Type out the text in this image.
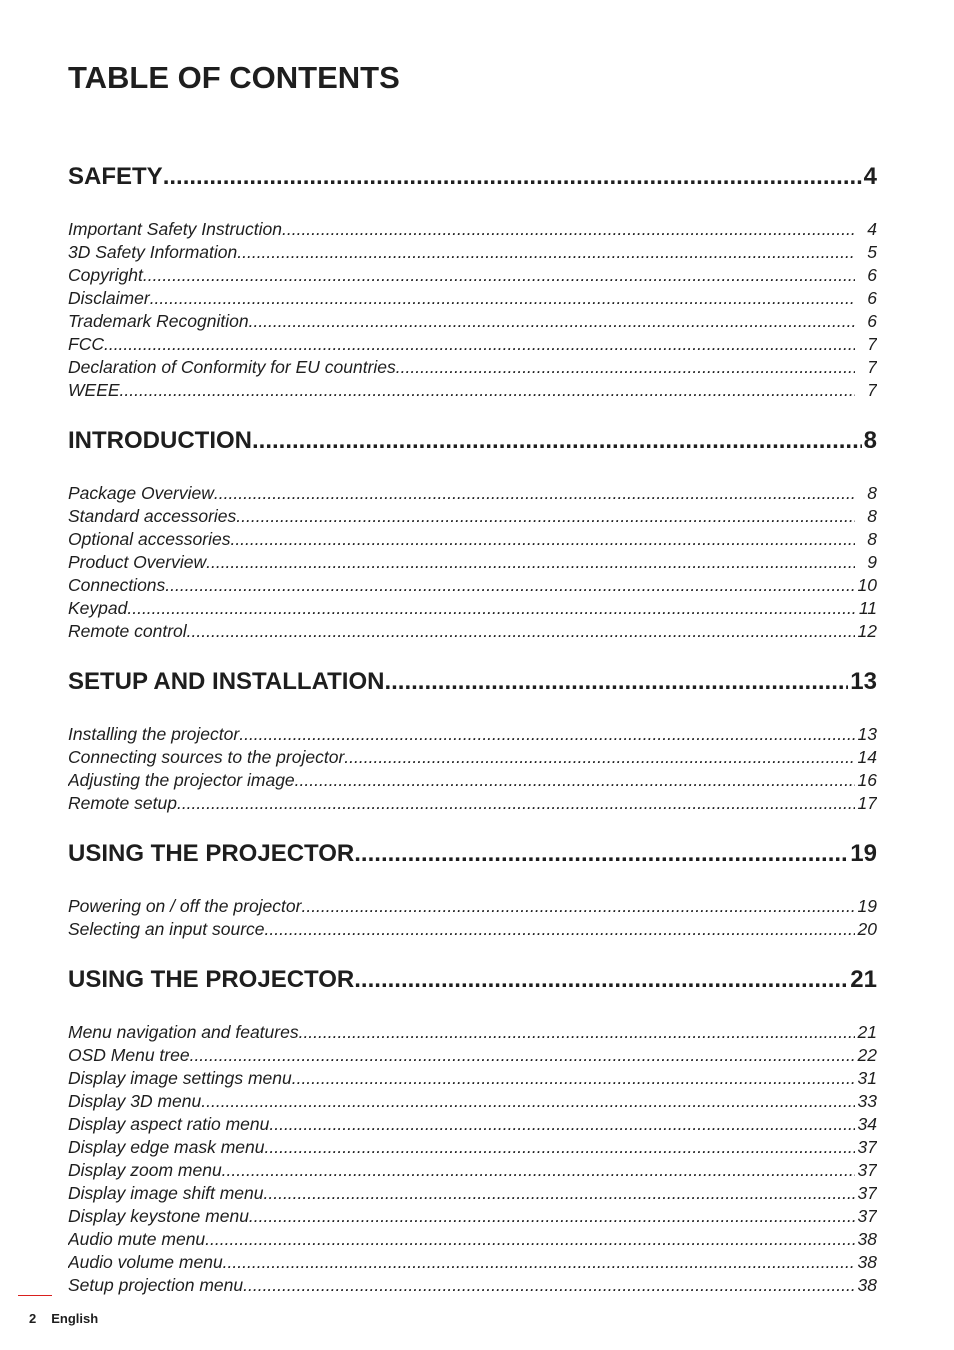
TABLE OF CONTENTS
SAFETY .....	4
Important Safety Instruction .....	4
3D Safety Information .....	5
Copyright .....	6
Disclaimer .....	6
Trademark Recognition .....	6
FCC .....	7
Declaration of Conformity for EU countries .....	7
WEEE .....	7
INTRODUCTION .....	8
Package Overview .....	8
Standard accessories .....	8
Optional accessories .....	8
Product Overview .....	9
Connections .....	10
Keypad .....	11
Remote control .....	12
SETUP AND INSTALLATION .....	13
Installing the projector .....	13
Connecting sources to the projector .....	14
Adjusting the projector image .....	16
Remote setup .....	17
USING THE PROJECTOR .....	19
Powering on / off the projector .....	19
Selecting an input source .....	20
USING THE PROJECTOR .....	21
Menu navigation and features .....	21
OSD Menu tree .....	22
Display image settings menu .....	31
Display 3D menu .....	33
Display aspect ratio menu .....	34
Display edge mask menu .....	37
Display zoom menu .....	37
Display image shift menu .....	37
Display keystone menu .....	37
Audio mute menu .....	38
Audio volume menu .....	38
Setup projection menu .....	38
2 English
